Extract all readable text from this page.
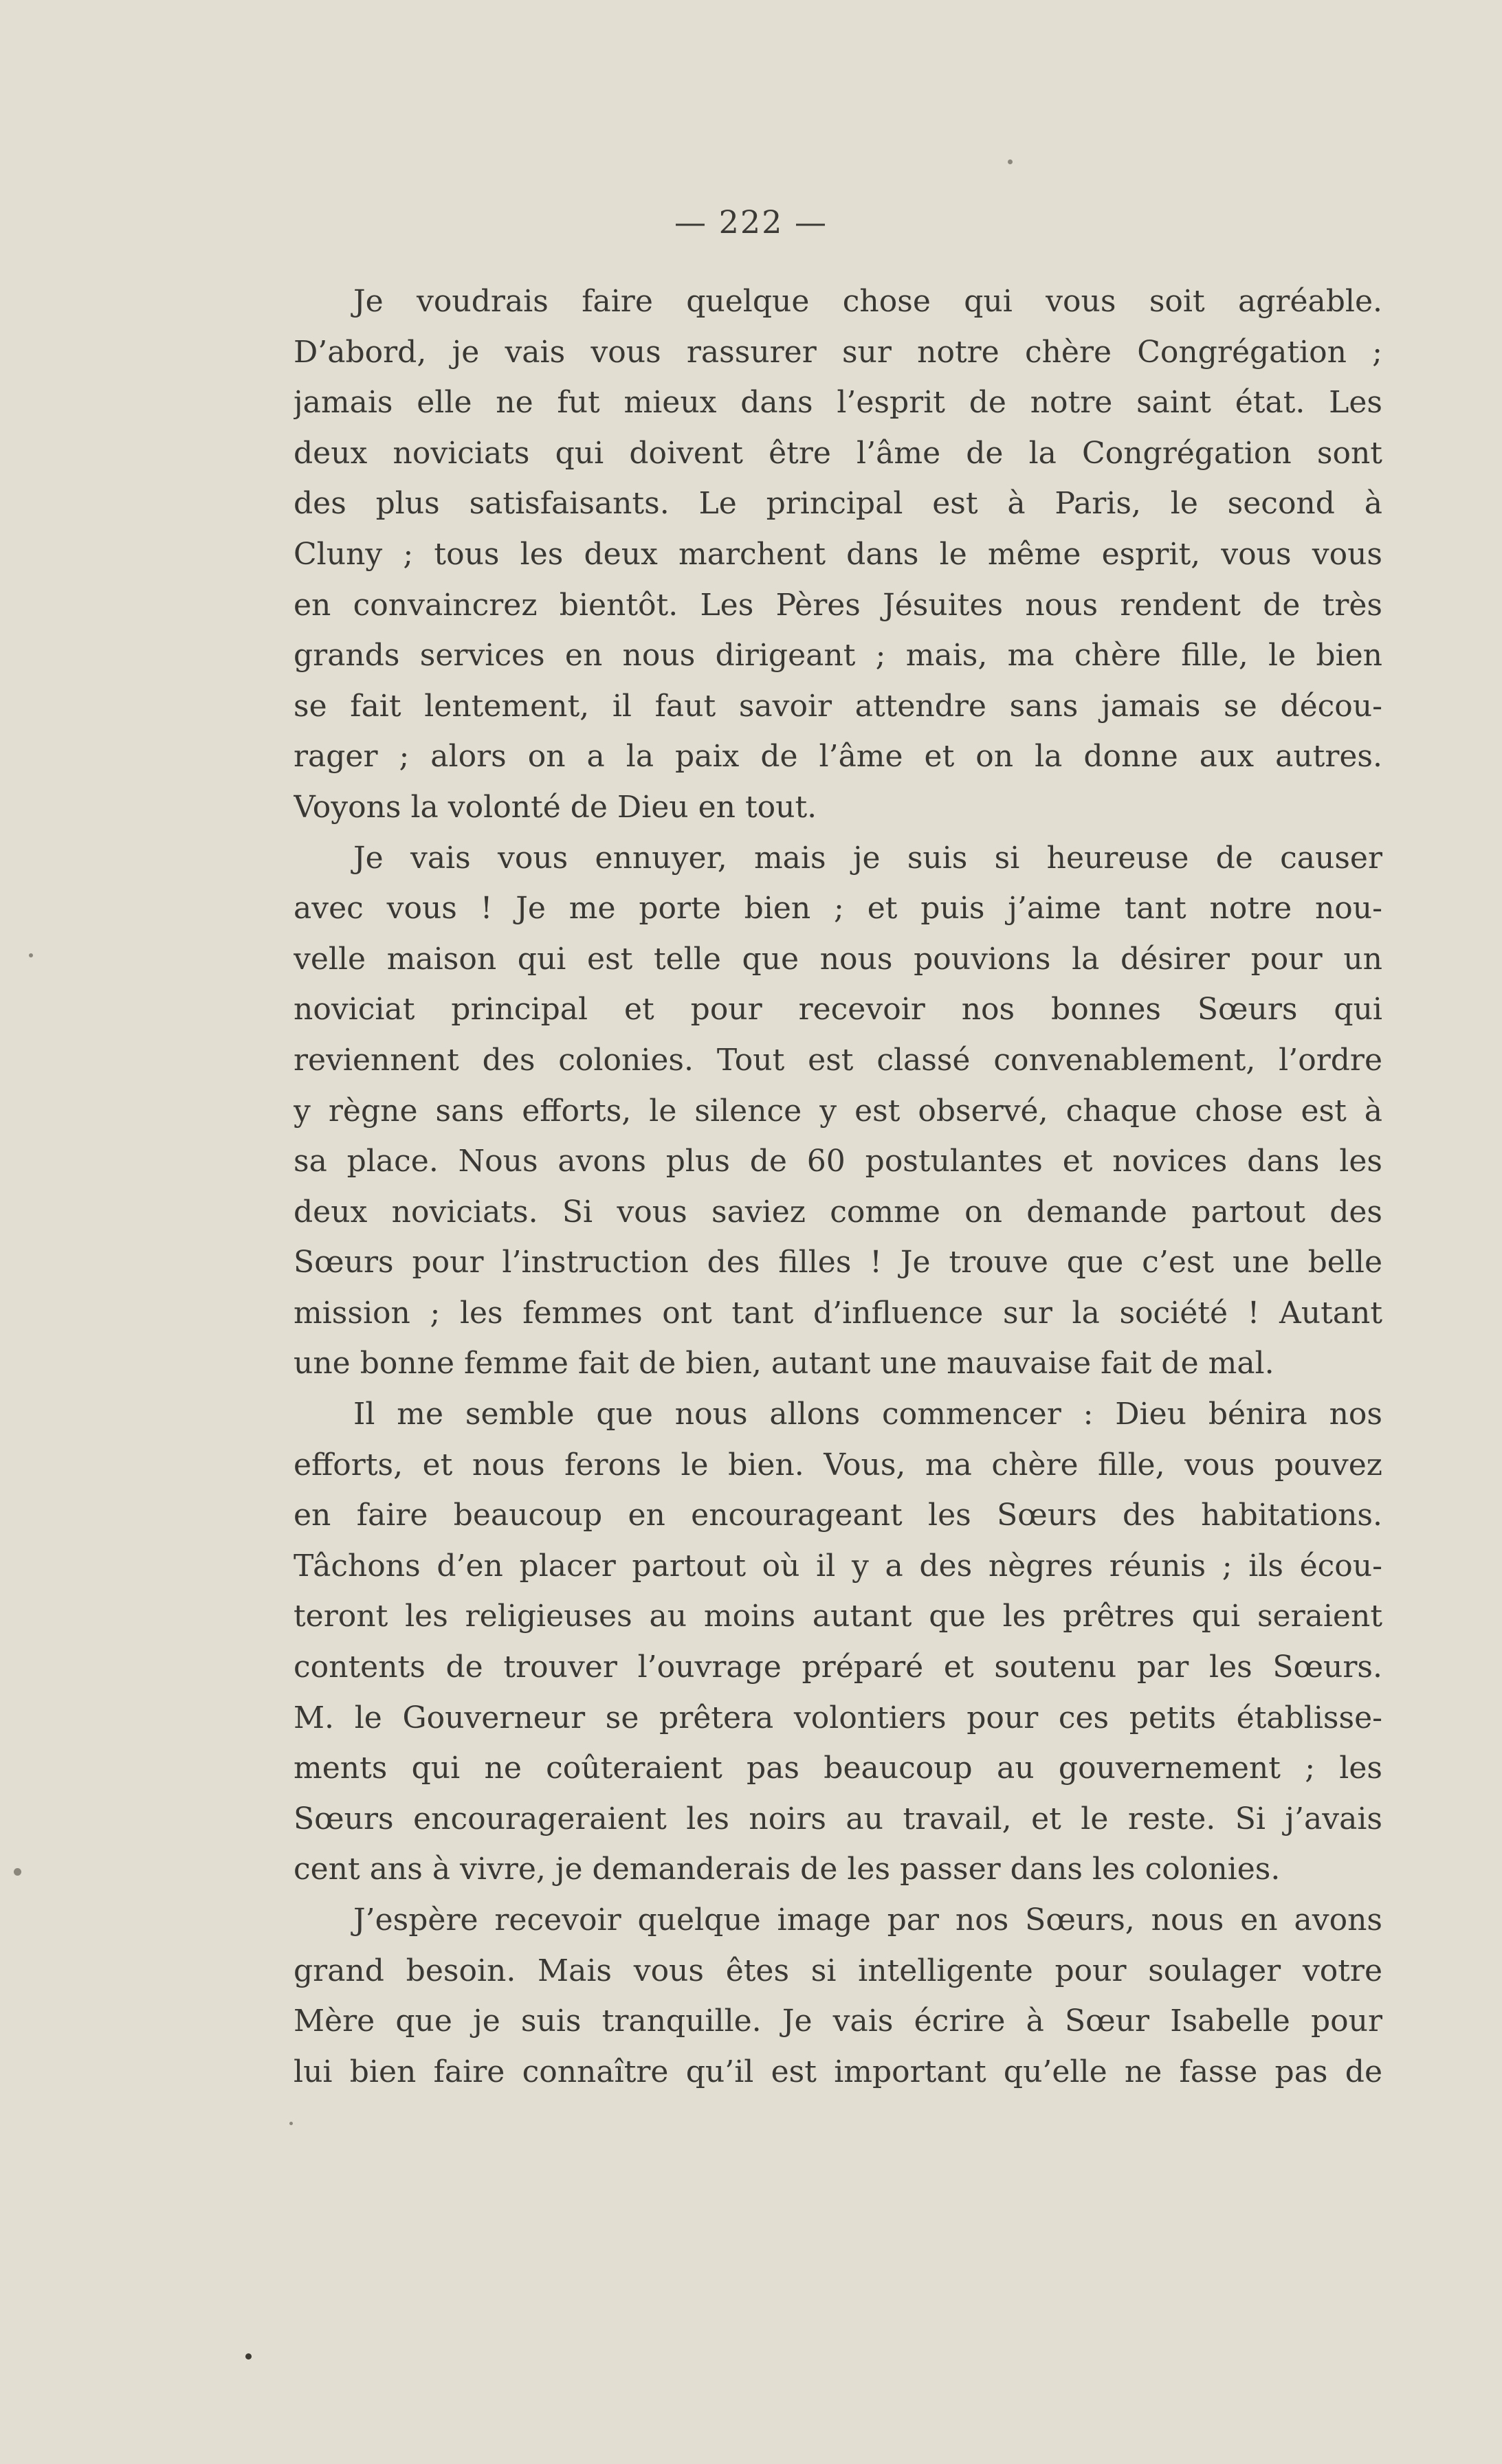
— 222 —
Je voudrais faire quelque chose qui vous soit agréable.
D’abord, je vais vous rassurer sur notre chère Congrégation ;
jamais elle ne fut mieux dans l’esprit de notre saint état. Les
deux noviciats qui doivent être l’âme de la Congrégation sont
des plus satisfaisants. Le principal est à Paris, le second à
Cluny ; tous les deux marchent dans le même esprit, vous vous
en convaincrez bientôt. Les Pères Jésuites nous rendent de très
grands services en nous dirigeant ; mais, ma chère fille, le bien
se fait lentement, il faut savoir attendre sans jamais se décou-
rager ; alors on a la paix de l’âme et on la donne aux autres.
Voyons la volonté de Dieu en tout.
Je vais vous ennuyer, mais je suis si heureuse de causer
avec vous ! Je me porte bien ; et puis j’aime tant notre nou-
velle maison qui est telle que nous pouvions la désirer pour un
noviciat principal et pour recevoir nos bonnes Sœurs qui
reviennent des colonies. Tout est classé convenablement, l’ordre
y règne sans efforts, le silence y est observé, chaque chose est à
sa place. Nous avons plus de 60 postulantes et novices dans les
deux noviciats. Si vous saviez comme on demande partout des
Sœurs pour l’instruction des filles ! Je trouve que c’est une belle
mission ; les femmes ont tant d’influence sur la société ! Autant
une bonne femme fait de bien, autant une mauvaise fait de mal.
Il me semble que nous allons commencer : Dieu bénira nos
efforts, et nous ferons le bien. Vous, ma chère fille, vous pouvez
en faire beaucoup en encourageant les Sœurs des habitations.
Tâchons d’en placer partout où il y a des nègres réunis ; ils écou-
teront les religieuses au moins autant que les prêtres qui seraient
contents de trouver l’ouvrage préparé et soutenu par les Sœurs.
M. le Gouverneur se prêtera volontiers pour ces petits établisse-
ments qui ne coûteraient pas beaucoup au gouvernement ; les
Sœurs encourageraient les noirs au travail, et le reste. Si j’avais
cent ans à vivre, je demanderais de les passer dans les colonies.
J’espère recevoir quelque image par nos Sœurs, nous en avons
grand besoin. Mais vous êtes si intelligente pour soulager votre
Mère que je suis tranquille. Je vais écrire à Sœur Isabelle pour
lui bien faire connaître qu’il est important qu’elle ne fasse pas de
